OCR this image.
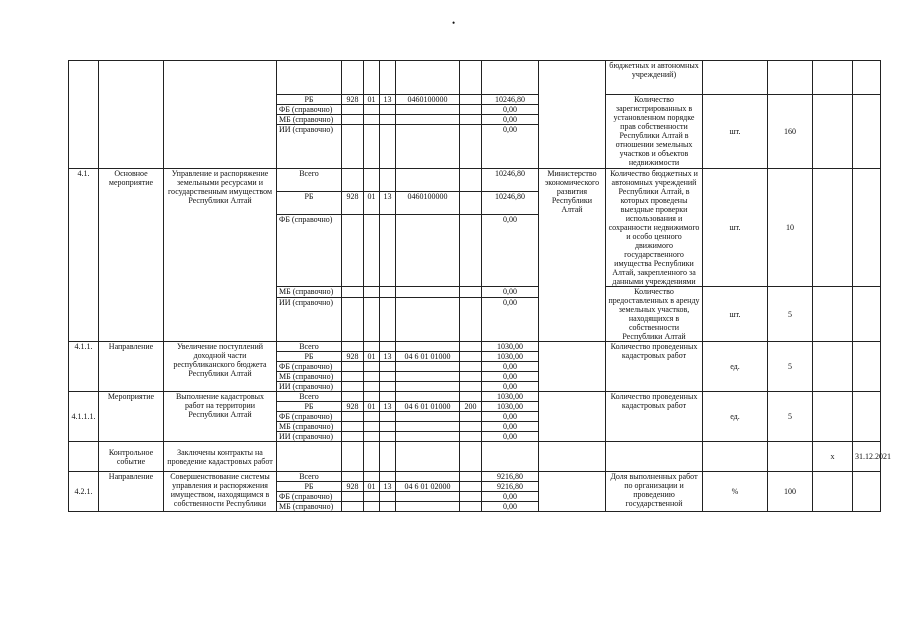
•
											бюджетных и автономных учреждений)				
			РБ	928	01	13	0460100000		10246,80		Количество зарегистрированных в установленном порядке прав собственности Республики Алтай в отношении земельных участков и объектов недвижимости	шт.	160		
			ФБ (справочно)						0,00						
			МБ (справочно)						0,00						
			ИИ (справочно)						0,00						
4.1.	Основное мероприятие	Управление и распоряжение земельными ресурсами и государственным имуществом Республики Алтай	Всего						10246,80	Министерство экономического развития Республики Алтай	Количество бюджетных и автономных учреждений Республики Алтай, в которых проведены выездные проверки использования и сохранности недвижимого и особо ценного движимого государственного имущества Республики Алтай, закрепленного за данными учреждениями	шт.	10		
			РБ	928	01	13	0460100000		10246,80						
			ФБ (справочно)						0,00						
			МБ (справочно)						0,00		Количество предоставленных в аренду земельных участков, находящихся в собственности Республики Алтай	шт.	5		
			ИИ (справочно)						0,00						
4.1.1.	Направление	Увеличение поступлений доходной части республиканского бюджета Республики Алтай	Всего						1030,00		Количество проведенных кадастровых работ	ед.	5		
			РБ	928	01	13	04 6 01 01000		1030,00						
			ФБ (справочно)						0,00						
			МБ (справочно)						0,00						
			ИИ (справочно)						0,00						
4.1.1.1.	Мероприятие	Выполнение кадастровых работ на территории Республики Алтай	Всего						1030,00		Количество проведенных кадастровых работ	ед.	5		
			РБ	928	01	13	04 6 01 01000	200	1030,00						
			ФБ (справочно)						0,00						
			МБ (справочно)						0,00						
			ИИ (справочно)						0,00						
	Контрольное событие	Заключены контракты на проведение кадастровых работ												х	31.12.2021
4.2.1.	Направление	Совершенствование системы управления и распоряжения имуществом, находящимся в собственности Республики	Всего						9216,80		Доля выполненных работ по организации и проведению государственной	%	100		
			РБ	928	01	13	04 6 01 02000		9216,80						
			ФБ (справочно)						0,00						
			МБ (справочно)						0,00						
